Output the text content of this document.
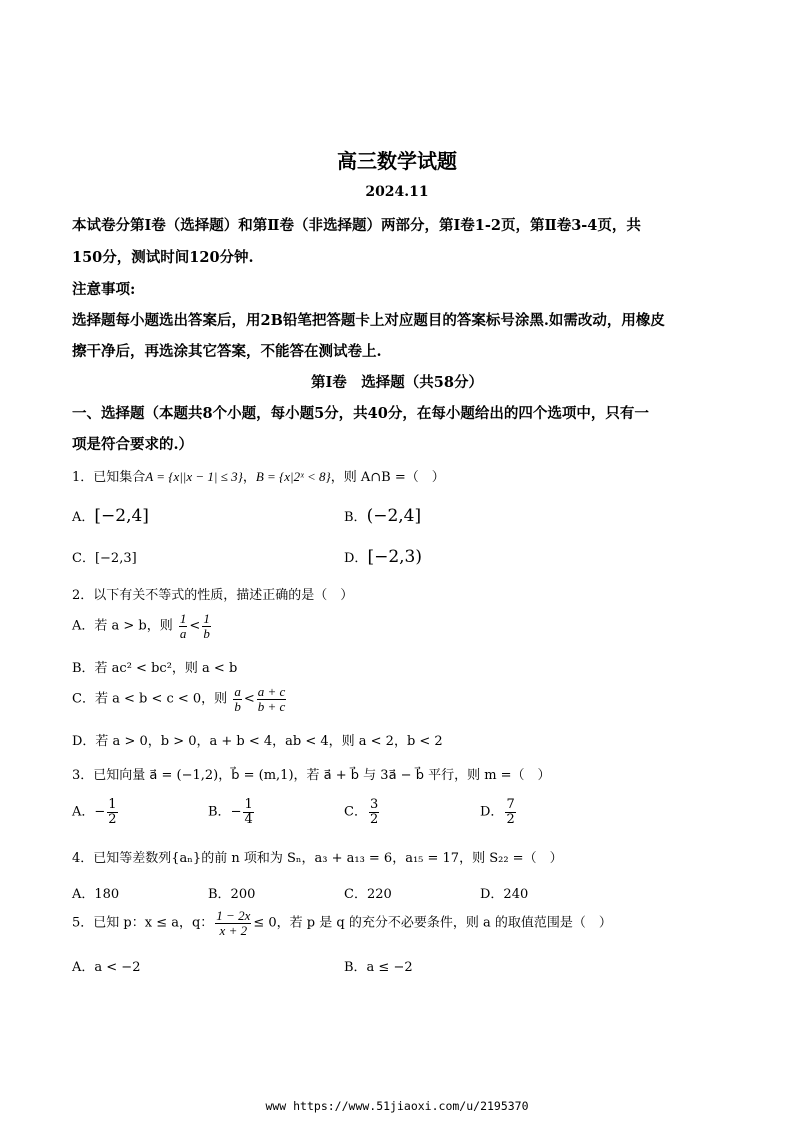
高三数学试题
2024.11
本试卷分第I卷（选择题）和第Ⅱ卷（非选择题）两部分，第I卷1-2页，第Ⅱ卷3-4页，共
150分，测试时间120分钟.
注意事项:
选择题每小题选出答案后，用2B铅笔把答题卡上对应题目的答案标号涂黑.如需改动，用橡皮
擦干净后，再选涂其它答案，不能答在测试卷上.
第I卷　选择题（共58分）
一、选择题（本题共8个小题，每小题5分，共40分，在每小题给出的四个选项中，只有一
项是符合要求的.）
1．已知集合A = {x||x − 1| ≤ 3}，B = {x|2ˣ < 8}，则 A∩B =（　）
A．[−2,4]	B．(−2,4]
C．[−2,3]	D．[−2,3)
2．以下有关不等式的性质，描述正确的是（　）
A．若 a > b，则 $\frac{1}{a} < \frac{1}{b}$
B．若 ac² < bc²，则 a < b
C．若 a < b < c < 0，则 $\frac{a}{b} < \frac{a + c}{b + c}$
D．若 a > 0，b > 0，a + b < 4，ab < 4，则 a < 2，b < 2
3．已知向量 a⃗ = (−1,2)，b⃗ = (m,1)，若 a⃗ + b⃗ 与 3a⃗ − b⃗ 平行，则 m =（　）
A．− $\frac{1}{2}$	B．− $\frac{1}{4}$	C． $\frac{3}{2}$	D． $\frac{7}{2}$
4．已知等差数列{aₙ}的前 n 项和为 Sₙ，a₃ + a₁₃ = 6，a₁₅ = 17，则 S₂₂ =（　）
A．180	B．200	C．220	D．240
5．已知 p：x ≤ a，q： $\frac{1 - 2x}{x + 2} \le 0$，若 p 是 q 的充分不必要条件，则 a 的取值范围是（　）
A．a < −2	B．a ≤ −2
www https://www.51jiaoxi.com/u/2195370
